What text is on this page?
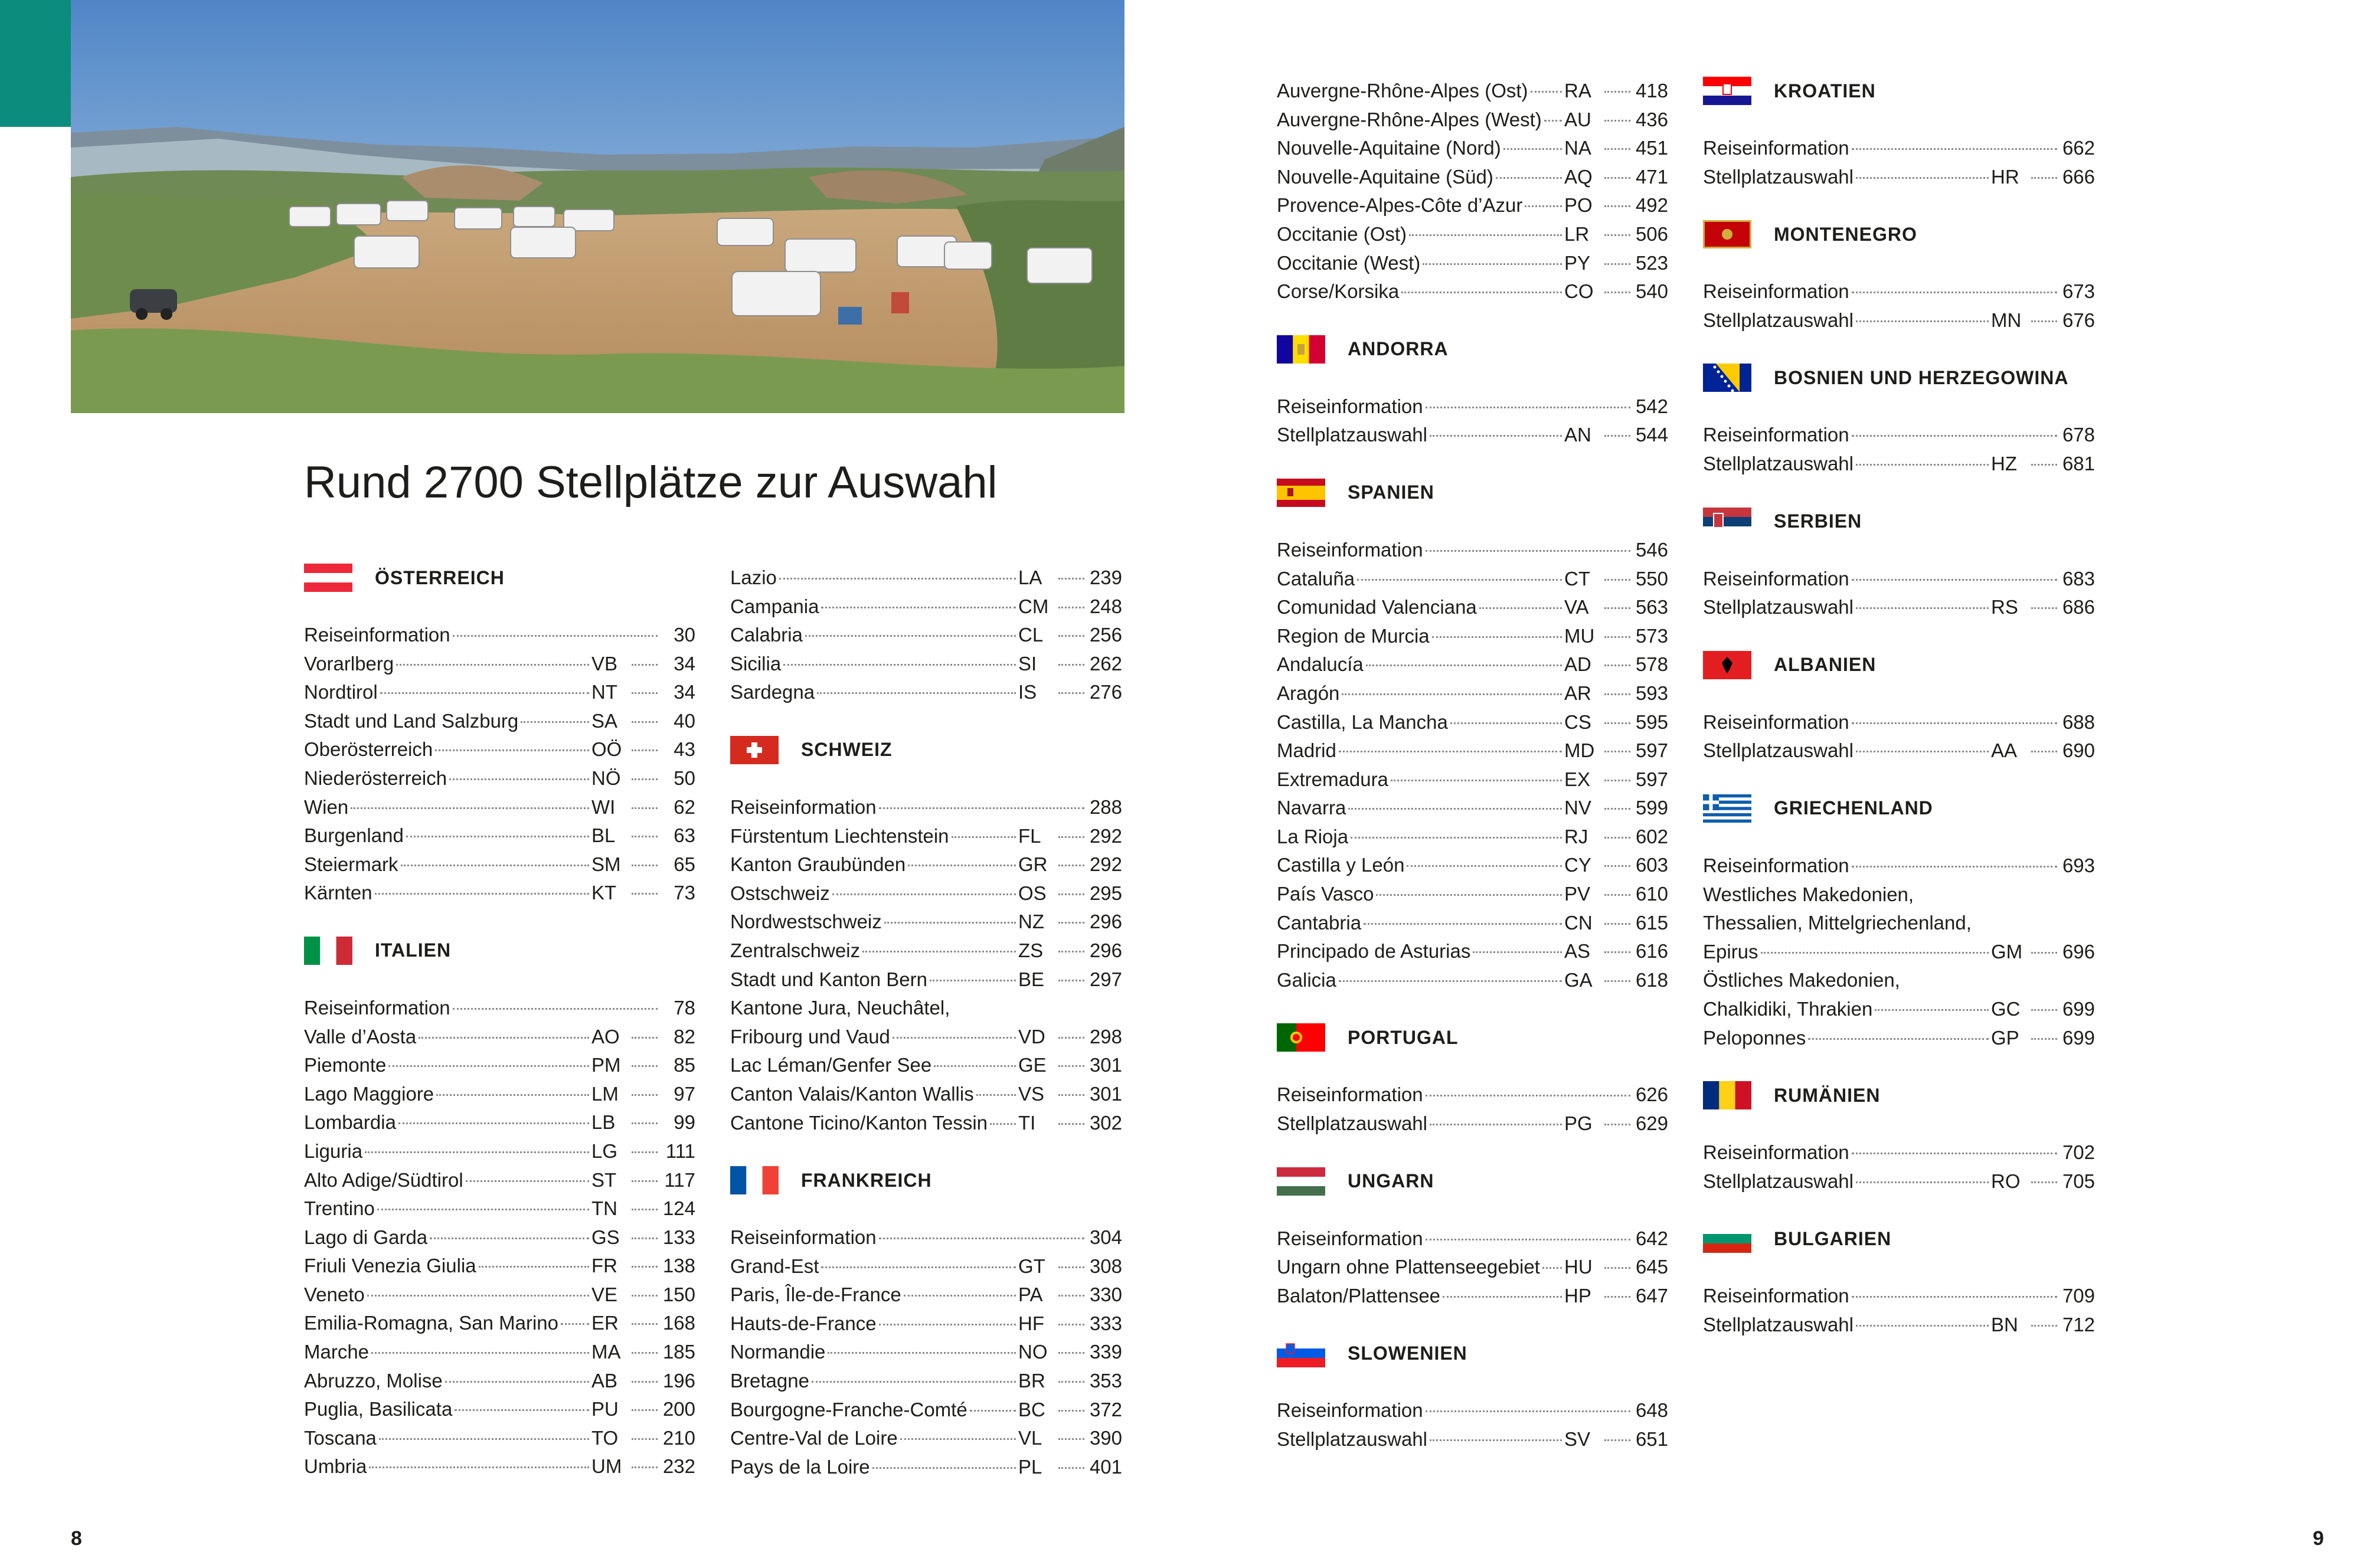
Rund 2700 Stellplätze zur Auswahl
ÖSTERREICH
Reiseinformation	30
Vorarlberg	VB	34
Nordtirol	NT	34
Stadt und Land Salzburg	SA	40
Oberösterreich	OÖ	43
Niederösterreich	NÖ	50
Wien	WI	62
Burgenland	BL	63
Steiermark	SM	65
Kärnten	KT	73
ITALIEN
Reiseinformation	78
Valle d’Aosta	AO	82
Piemonte	PM	85
Lago Maggiore	LM	97
Lombardia	LB	99
Liguria	LG	111
Alto Adige/Südtirol	ST	117
Trentino	TN	124
Lago di Garda	GS	133
Friuli Venezia Giulia	FR	138
Veneto	VE	150
Emilia-Romagna, San Marino ER	168
Marche	MA	185
Abruzzo, Molise	AB	196
Puglia, Basilicata	PU	200
Toscana	TO	210
Umbria	UM	232
Lazio	LA	239
Campania	CM	248
Calabria	CL	256
Sicilia	SI	262
Sardegna	IS	276
SCHWEIZ
Reiseinformation	288
Fürstentum Liechtenstein	FL	292
Kanton Graubünden	GR	292
Ostschweiz	OS	295
Nordwestschweiz	NZ	296
Zentralschweiz	ZS	296
Stadt und Kanton Bern	BE	297
Kantone Jura, Neuchâtel,
Fribourg und Vaud	VD	298
Lac Léman/Genfer See	GE	301
Canton Valais/Kanton Wallis VS	301
Cantone Ticino/Kanton Tessin TI	302
FRANKREICH
Reiseinformation	304
Grand-Est	GT	308
Paris, Île-de-France	PA	330
Hauts-de-France	HF	333
Normandie	NO	339
Bretagne	BR	353
Bourgogne-Franche-Comté	BC	372
Centre-Val de Loire	VL	390
Pays de la Loire	PL	401
Auvergne-Rhône-Alpes (Ost) RA	418
Auvergne-Rhône-Alpes (West) AU	436
Nouvelle-Aquitaine (Nord)	NA	451
Nouvelle-Aquitaine (Süd)	AQ	471
Provence-Alpes-Côte d’Azur PO	492
Occitanie (Ost)	LR	506
Occitanie (West)	PY	523
Corse/Korsika	CO	540
ANDORRA
Reiseinformation	542
Stellplatzauswahl	AN	544
SPANIEN
Reiseinformation	546
Cataluña	CT	550
Comunidad Valenciana	VA	563
Region de Murcia	MU	573
Andalucía	AD	578
Aragón	AR	593
Castilla, La Mancha	CS	595
Madrid	MD	597
Extremadura	EX	597
Navarra	NV	599
La Rioja	RJ	602
Castilla y León	CY	603
País Vasco	PV	610
Cantabria	CN	615
Principado de Asturias	AS	616
Galicia	GA	618
PORTUGAL
Reiseinformation	626
Stellplatzauswahl	PG	629
UNGARN
Reiseinformation	642
Ungarn ohne Plattenseegebiet HU	645
Balaton/Plattensee	HP	647
SLOWENIEN
Reiseinformation	648
Stellplatzauswahl	SV	651
KROATIEN
Reiseinformation	662
Stellplatzauswahl	HR	666
MONTENEGRO
Reiseinformation	673
Stellplatzauswahl	MN	676
BOSNIEN UND HERZEGOWINA
Reiseinformation	678
Stellplatzauswahl	HZ	681
SERBIEN
Reiseinformation	683
Stellplatzauswahl	RS	686
ALBANIEN
Reiseinformation	688
Stellplatzauswahl	AA	690
GRIECHENLAND
Reiseinformation	693
Westliches Makedonien,
Thessalien, Mittelgriechenland,
Epirus	GM	696
Östliches Makedonien,
Chalkidiki, Thrakien	GC	699
Peloponnes	GP	699
RUMÄNIEN
Reiseinformation	702
Stellplatzauswahl	RO	705
BULGARIEN
Reiseinformation	709
Stellplatzauswahl	BN	712
8	9
